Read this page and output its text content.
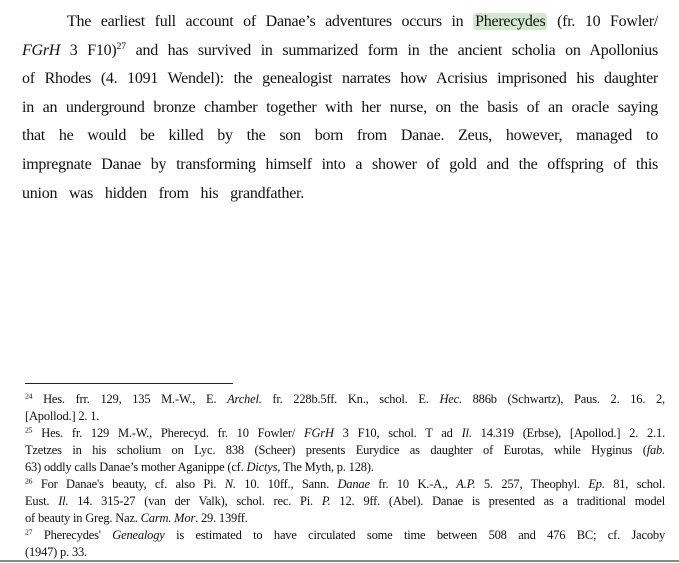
The earliest full account of Danae’s adventures occurs in Pherecydes (fr. 10 Fowler/
FGrH 3 F10)$^{27}$ and has survived in summarized form in the ancient scholia on Apollonius
of Rhodes (4. 1091 Wendel): the genealogist narrates how Acrisius imprisoned his daughter
in an underground bronze chamber together with her nurse, on the basis of an oracle saying
that he would be killed by the son born from Danae. Zeus, however, managed to
impregnate Danae by transforming himself into a shower of gold and the offspring of this
union was hidden from his grandfather.
$^{24}$ Hes. frr. 129, 135 M.-W., E. Archel. fr. 228b.5ff. Kn., schol. E. Hec. 886b (Schwartz), Paus. 2. 16. 2,
[Apollod.] 2. 1.
$^{25}$ Hes. fr. 129 M.-W., Pherecyd. fr. 10 Fowler/ FGrH 3 F10, schol. T ad Il. 14.319 (Erbse), [Apollod.] 2. 2.1.
Tzetzes in his scholium on Lyc. 838 (Scheer) presents Eurydice as daughter of Eurotas, while Hyginus (fab.
63) oddly calls Danae’s mother Aganippe (cf. Dictys, The Myth, p. 128).
$^{26}$ For Danae's beauty, cf. also Pi. N. 10. 10ff., Sann. Danae fr. 10 K.-A., A.P. 5. 257, Theophyl. Ep. 81, schol.
Eust. Il. 14. 315-27 (van der Valk), schol. rec. Pi. P. 12. 9ff. (Abel). Danae is presented as a traditional model
of beauty in Greg. Naz. Carm. Mor. 29. 139ff.
$^{27}$ Pherecydes' Genealogy is estimated to have circulated some time between 508 and 476 BC; cf. Jacoby
(1947) p. 33.
